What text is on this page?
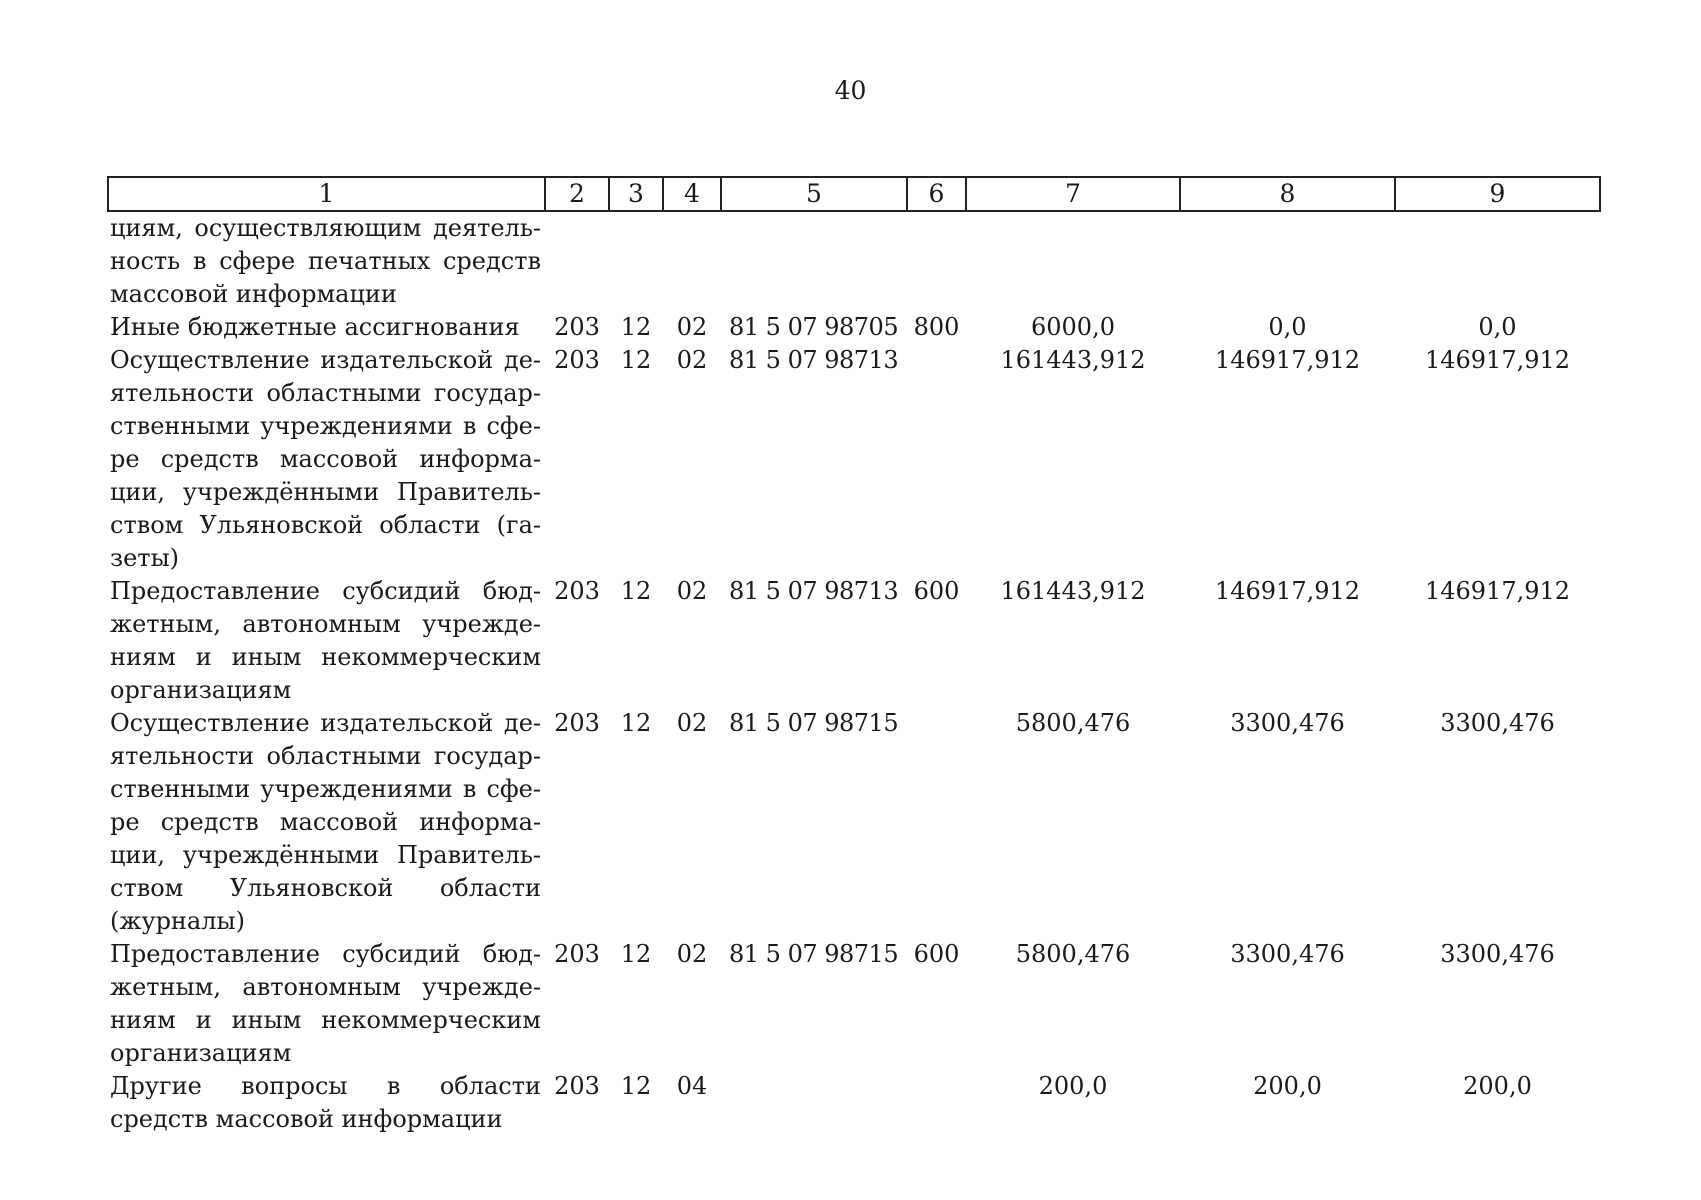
40
1	2	3	4	5	6	7	8	9
циям, осуществляющим деятельность в сфере печатных средств массовой информации								
Иные бюджетные ассигнования	203	12	02	81 5 07 98705	800	6000,0	0,0	0,0
Осуществление издательской деятельности областными государственными учреждениями в сфере средств массовой информации, учреждёнными Правительством Ульяновской области (газеты)	203	12	02	81 5 07 98713		161443,912	146917,912	146917,912
Предоставление субсидий бюджетным, автономным учреждениям и иным некоммерческим организациям	203	12	02	81 5 07 98713	600	161443,912	146917,912	146917,912
Осуществление издательской деятельности областными государственными учреждениями в сфере средств массовой информации, учреждёнными Правительством Ульяновской области (журналы)	203	12	02	81 5 07 98715		5800,476	3300,476	3300,476
Предоставление субсидий бюджетным, автономным учреждениям и иным некоммерческим организациям	203	12	02	81 5 07 98715	600	5800,476	3300,476	3300,476
Другие вопросы в области средств массовой информации	203	12	04			200,0	200,0	200,0
